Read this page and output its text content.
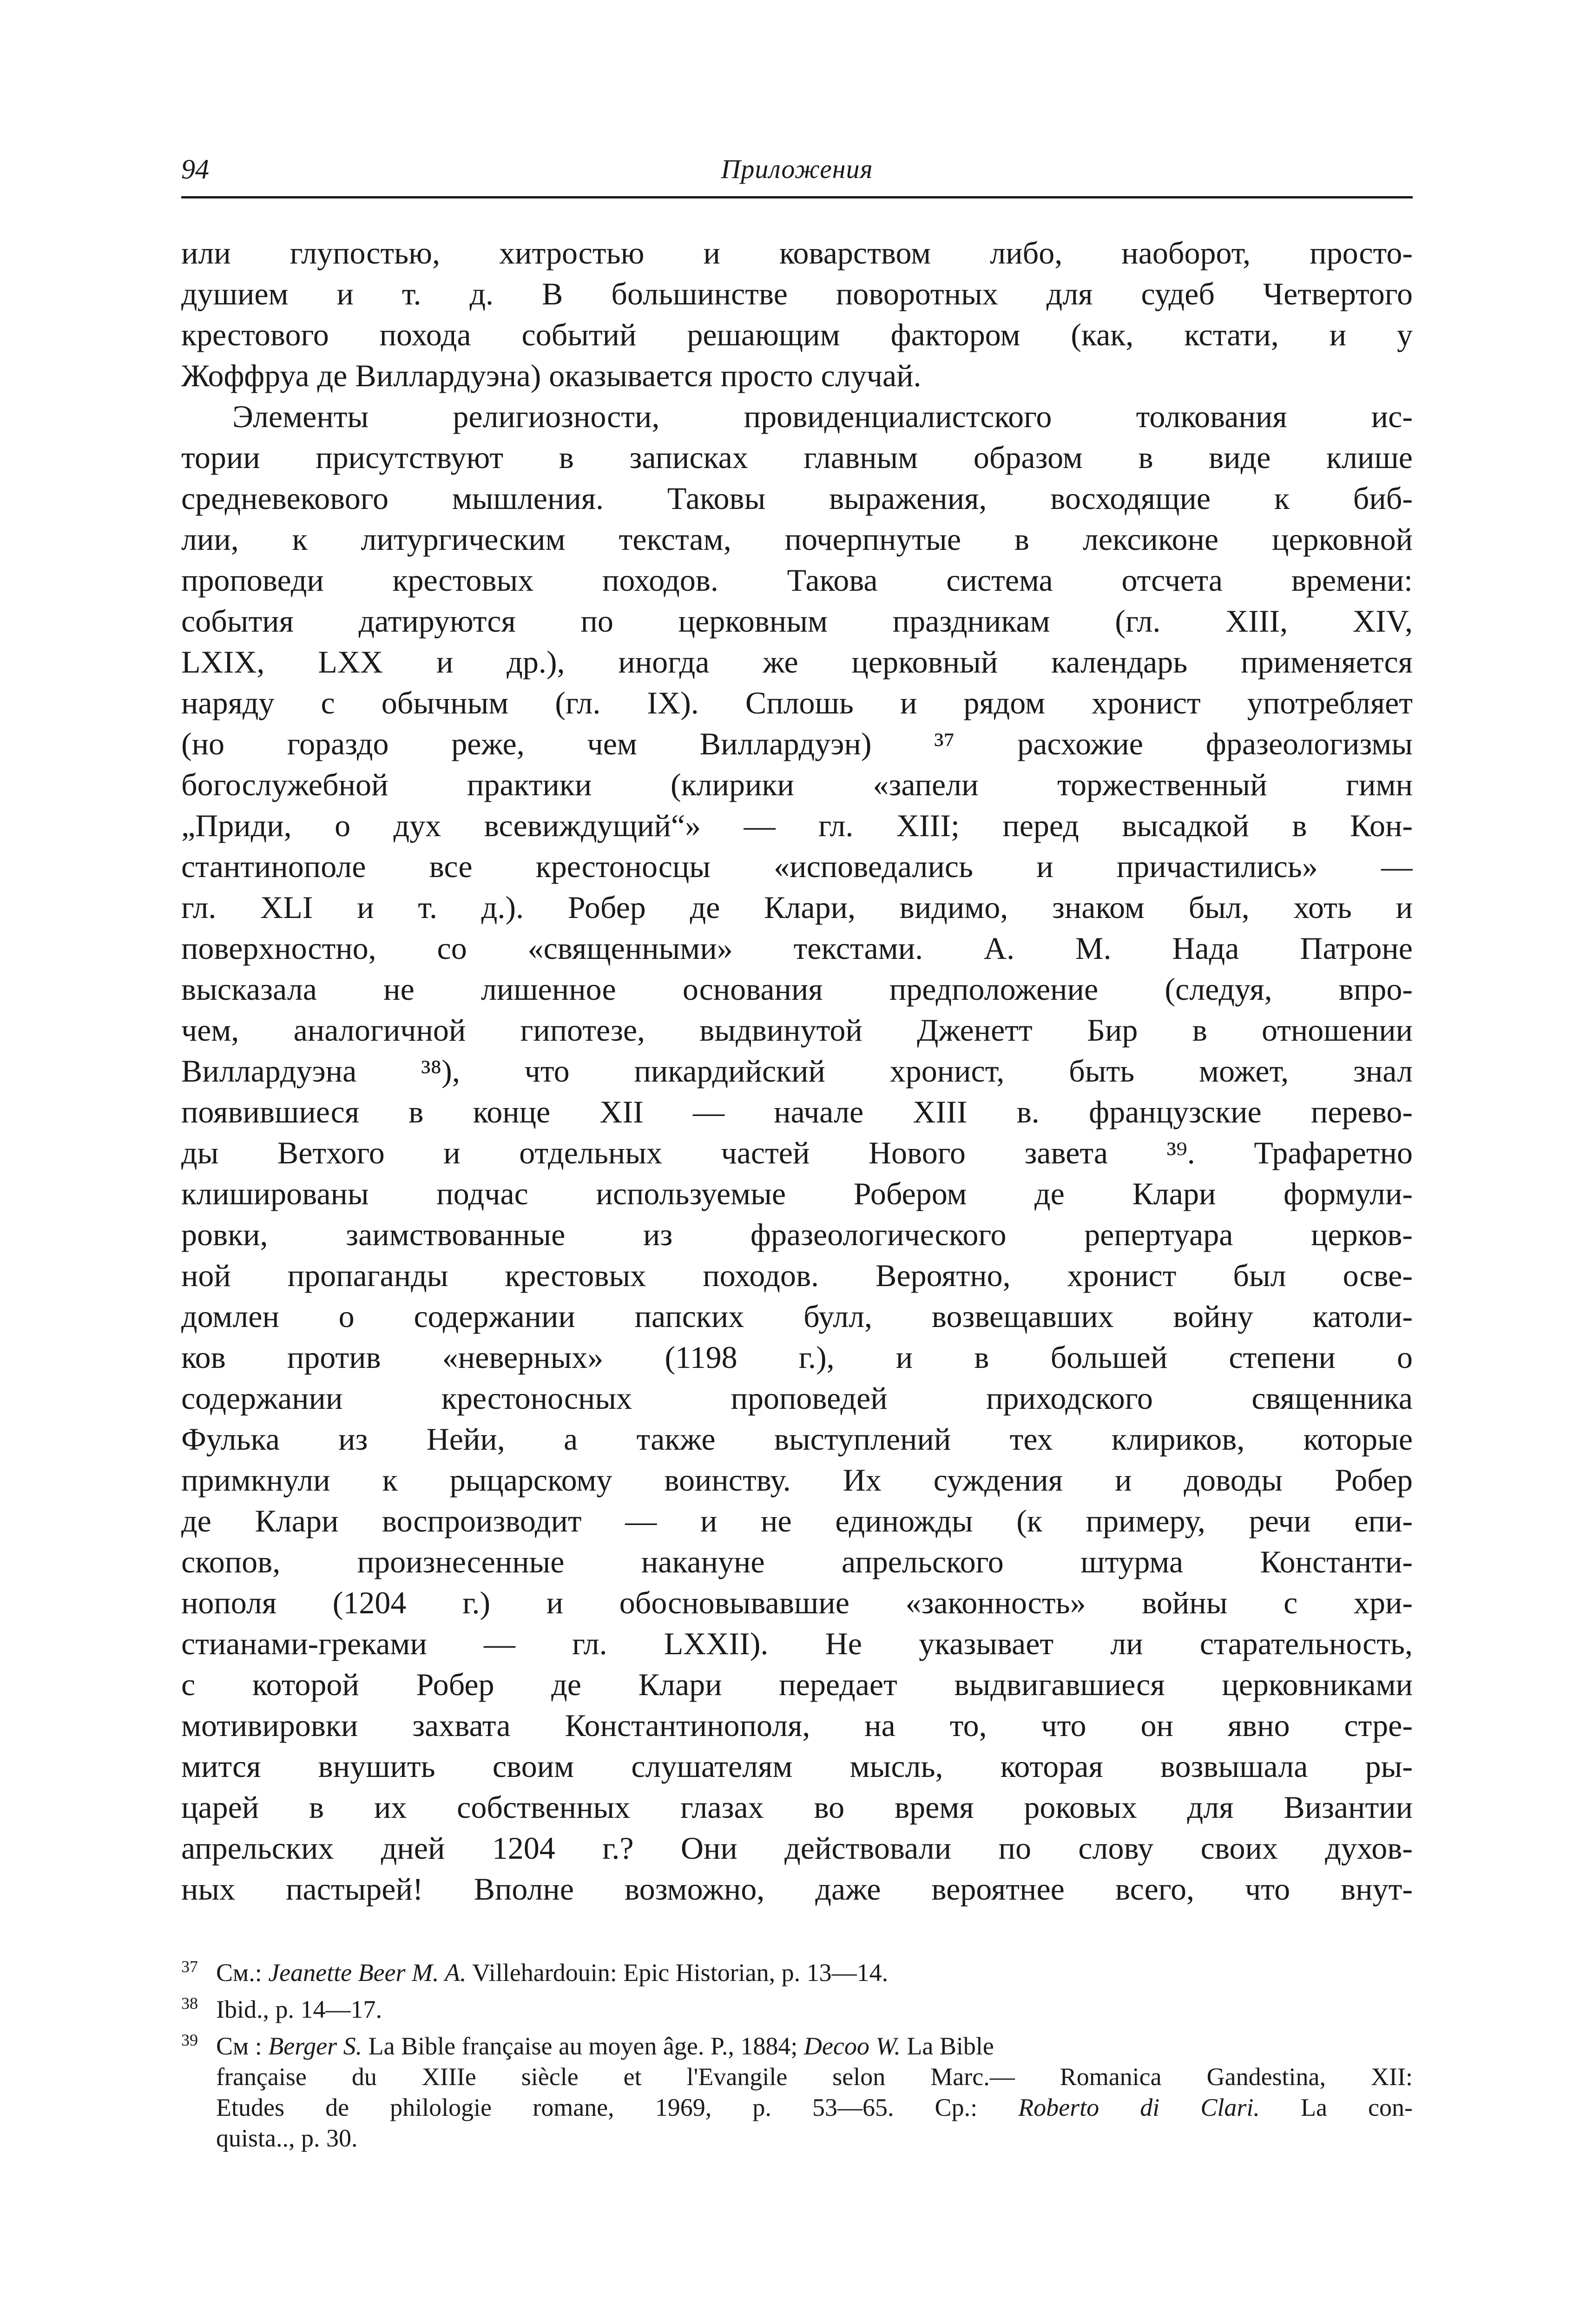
94	Приложения
или глупостью, хитростью и коварством либо, наоборот, просто-
душием и т. д. В большинстве поворотных для судеб Четвертого
крестового похода событий решающим фактором (как, кстати, и у
Жоффруа де Виллардуэна) оказывается просто случай.
Элементы религиозности, провиденциалистского толкования ис-
тории присутствуют в записках главным образом в виде клише
средневекового мышления. Таковы выражения, восходящие к биб-
лии, к литургическим текстам, почерпнутые в лексиконе церковной
проповеди крестовых походов. Такова система отсчета времени:
события датируются по церковным праздникам (гл. XIII, XIV,
LXIX, LXX и др.), иногда же церковный календарь применяется
наряду с обычным (гл. IX). Сплошь и рядом хронист употребляет
(но гораздо реже, чем Виллардуэн) ³⁷ расхожие фразеологизмы
богослужебной практики (клирики «запели торжественный гимн
„Приди, о дух всевиждущий“» — гл. XIII; перед высадкой в Кон-
стантинополе все крестоносцы «исповедались и причастились» —
гл. XLI и т. д.). Робер де Клари, видимо, знаком был, хоть и
поверхностно, со «священными» текстами. А. М. Нада Патроне
высказала не лишенное основания предположение (следуя, впро-
чем, аналогичной гипотезе, выдвинутой Дженетт Бир в отношении
Виллардуэна ³⁸), что пикардийский хронист, быть может, знал
появившиеся в конце XII — начале XIII в. французские перево-
ды Ветхого и отдельных частей Нового завета ³⁹. Трафаретно
клишированы подчас используемые Робером де Клари формули-
ровки, заимствованные из фразеологического репертуара церков-
ной пропаганды крестовых походов. Вероятно, хронист был осве-
домлен о содержании папских булл, возвещавших войну католи-
ков против «неверных» (1198 г.), и в большей степени о
содержании крестоносных проповедей приходского священника
Фулька из Нейи, а также выступлений тех клириков, которые
примкнули к рыцарскому воинству. Их суждения и доводы Робер
де Клари воспроизводит — и не единожды (к примеру, речи епи-
скопов, произнесенные накануне апрельского штурма Константи-
нополя (1204 г.) и обосновывавшие «законность» войны с хри-
стианами-греками — гл. LXXII). Не указывает ли старательность,
с которой Робер де Клари передает выдвигавшиеся церковниками
мотивировки захвата Константинополя, на то, что он явно стре-
мится внушить своим слушателям мысль, которая возвышала ры-
царей в их собственных глазах во время роковых для Византии
апрельских дней 1204 г.? Они действовали по слову своих духов-
ных пастырей! Вполне возможно, даже вероятнее всего, что внут-
37 См.: Jeanette Beer M. A. Villehardouin: Epic Historian, p. 13—14.
38 Ibid., p. 14—17.
39 См : Berger S. La Bible française au moyen âge. P., 1884; Decoo W. La Bible
française du XIIIe siècle et l'Evangile selon Marc.— Romanica Gandestina, XII:
Etudes de philologie romane, 1969, p. 53—65. Ср.: Roberto di Clari. La con-
quista.., p. 30.
